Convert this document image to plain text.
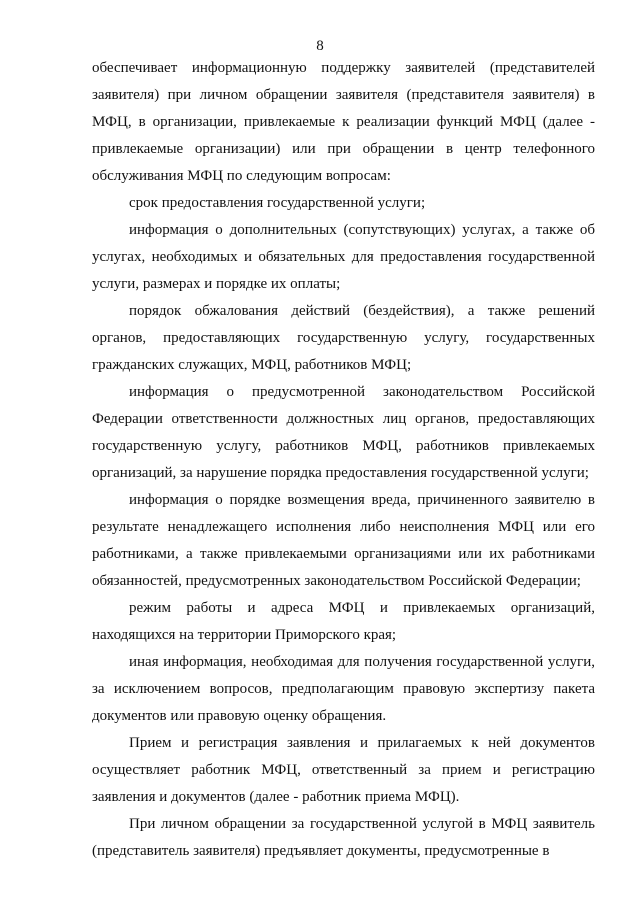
8

обеспечивает информационную поддержку заявителей (представителей заявителя) при личном обращении заявителя (представителя заявителя) в МФЦ, в организации, привлекаемые к реализации функций МФЦ (далее - привлекаемые организации) или при обращении в центр телефонного обслуживания МФЦ по следующим вопросам:

срок предоставления государственной услуги;

информация о дополнительных (сопутствующих) услугах, а также об услугах, необходимых и обязательных для предоставления государственной услуги, размерах и порядке их оплаты;

порядок обжалования действий (бездействия), а также решений органов, предоставляющих государственную услугу, государственных гражданских служащих, МФЦ, работников МФЦ;

информация о предусмотренной законодательством Российской Федерации ответственности должностных лиц органов, предоставляющих государственную услугу, работников МФЦ, работников привлекаемых организаций, за нарушение порядка предоставления государственной услуги;

информация о порядке возмещения вреда, причиненного заявителю в результате ненадлежащего исполнения либо неисполнения МФЦ или его работниками, а также привлекаемыми организациями или их работниками обязанностей, предусмотренных законодательством Российской Федерации;

режим работы и адреса МФЦ и привлекаемых организаций, находящихся на территории Приморского края;

иная информация, необходимая для получения государственной услуги, за исключением вопросов, предполагающим правовую экспертизу пакета документов или правовую оценку обращения.

Прием и регистрация заявления и прилагаемых к ней документов осуществляет работник МФЦ, ответственный за прием и регистрацию заявления и документов (далее - работник приема МФЦ).

При личном обращении за государственной услугой в МФЦ заявитель (представитель заявителя) предъявляет документы, предусмотренные в
